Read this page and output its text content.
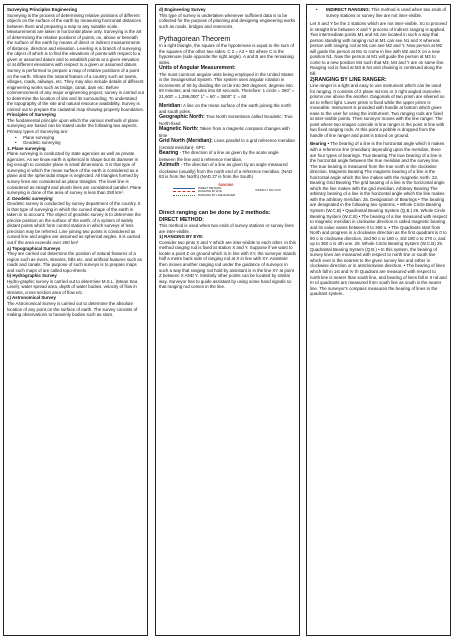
Surveying Principles Engineering

Surveying is the process of determining relative positions of different objects on the surface of the earth by measuring horizontal distances between them and preparing a map to any suitable scale. Measurements are taken in horizontal plane only. Surveying is the art of determining the relative positions of points, on, above or beneath the surface of the earth by means of direct or indirect measurements of distance, direction and elevation. Leveling is a branch of surveying the object of which is to find the elevations of points with respect to a given or assumed datum and to establish points at a given elevation or at different elevations with respect to a given or assumed datum. Survey is performed to prepare a map of relative positions of a point on the earth. Shows the natural feature of a country such as towns, villages, roads, railways, etc. They may also include details of different engineering works such as bridge, canal, dam etc. Before commencement of any major engineering project, survey is carried out to determine the location of site and its surrounding. To understand the topography of the site and natural resource availability. Survey is carried out to prepare the cadastral map showing property boundaries.

Principles of Surveying

The fundamental principle upon which the various methods of plane surveying are based can be stated under the following two aspects. Primary types of Surveying are:

• Plane surveying

• Geodetic surveying

1. Plane surveying

Plane surveying is conducted by state agencies as well as private agencies. As we know earth is spherical in shape but its diameter is big enough to consider plane in small dimensions. It is that type of surveying in which the mean surface of the earth is considered as a plane and the spheroidal shape is neglected. All triangles formed by survey lines are considered as plane triangles. The level line is considered as straight and plumb lines are considered parallel. Plane surveying is done of the area of survey is less than 250 km².

2. Geodetic surveying

Geodetic survey is conducted by survey department of the country. It is that type of surveying in which the curved shape of the earth is taken in to account. The object of geodetic survey is to determine the precise position on the surface of the earth, of a system of widely distant points which form control stations in which surveys of less precision may be referred. Line joining two points is considered as curved line and angles are assumed as spherical angles. It is carried out if the area exceeds over 250 km²

a) Topographical Surveys

They are carried out determine the position of natural features of a region such as rivers, streams, hills etc. and artificial features such as roads and canals. The purpose of such surveys is to prepare maps and such maps of are called topo-sheets.

b) Hydrographic Survey

Hydro-graphic survey is carried out to determine M.S.L. (Mean Sea Level), water spread area, depth of water bodies, velocity of flow in streams, cross-section area of flow etc.

c) Astronomical Survey

The Astronomical Survey is carried out to determine the absolute location of any point on the surface of earth. The survey consists of making observations to heavenly bodies such as stars.

d) Engineering Survey

This type of survey is undertaken whenever sufficient data is to be collected for the purpose of planning and designing engineering works such as roads, bridges and reservoirs.

Pythagorean Theorem

In a right triangle, the square of the hypotenuse is equal to the sum of the squares of the other two sides. C 2 = A2 + B2 where C is the hypotenuse (side opposite the right angle). A and B are the remaining sides.

Units of Angular Measurement:

The most common angular units being employed in the United States is the Sexagesimal System. This system uses angular rotation in increments of 60 by dividing the circle into 360 degrees; degrees into 60 minutes; and minutes into 60 seconds. Therefore: 1 circle = 360° = 21,600' = 1,296,000" 1° = 60' = 3600" 1' = 60

Meridian: A line on the mean surface of the earth joining the north and south poles.

Geographic North: True North Sometimes called Geodetic: True North-fixed

Magnetic North: Taken from a magnetic compass changes with time

Grid North (Meridian): Lines parallel to a grid reference meridian (central meridian)- SPC

Bearing - The direction of a line as given by the acute angle between the line and a reference meridian.

Azimuth - The direction of a line as given by an angle measured clockwise (usually) from the north end of a reference meridian. (NAD 83 is from the North) (NAD 27 is from the South)

RANGING
DIRECT METHOD
RANGING BY EYE
RANGING BY LINE RANGER
INDIRECT METHOD

Direct ranging can be done by 2 methods:

DIRECT METHOD:

This method is used when two ends of survey stations or survey lines are inter-visible.

1) RANGING BY EYE:

Consider two pints X and Y which are inter-visible to each other. In this method ranging rod is fixed at station X and Y. Suppose if we want to locate a point Z on ground which is in line with XY, the surveyor stands half a metre back side of ranging rod at X in line with XY. Assistant then moves another ranging rod under the guidance of surveyor in such a way that ranging rod hold by assistant is in the line XY at point Z between X AND Y. Similarly other points can be located by similar way. Surveyor has to guide assistant by using some hand signals so that ranging rod comes in the line.

• INDIRECT RANGING: This method is used when two ends of survey stations or survey line are not inter-visible.

Let X and Y be the 2 stations which are not inter-visible. So to proceed in straight line between X and Y process of indirect ranging is applied. Two intermediate points M1 and N1 are located in such a way that person standing with ranging rod at M1 can see N1 and X whereas person with ranging rod at M1 can see M2 and Y. Now person at M2 will guide the person at M1 to come in line with M2 and X on a new position N1. Now the person at M1 will guide the person at M2 to come to a new position M4 such that M3, M4 and Y are on same line. Ranging rod is fixed at M3 & N4 and chaining is continued along the hill.

2)RANGING BY LINE RANGER:

Line ranger is a light and easy to use instrument which can be used for ranging. It consists of 2 plane mirrors or 2 right angled isosceles prisms one above the another. Diagonals of two prism are silvered so as to reflect light. Lower prism is fixed while the upper prism is moveable. Instrument is provided with handle at bottom which gives ease to the user for using the instrument. Two ranging rods are fixed at inter-visible points. Then surveyor moves with the line ranger. The point where two images coincide in line ranger is the point in line with two fixed ranging rods. At this point a pebble is dropped from the handle of line ranger and point is traced on ground.

Bearing • The bearing of a line is the horizontal angle which it makes with a reference line (meridian) depending upon the meridian, there are four types of bearings. True Bearing The true bearing of a line is the horizontal angle between the true meridian and the survey line. The true bearing is measured from the true north in the clockwise direction. Magnetic Bearing The magnetic bearing of a line is the horizontal angle which the line makes with the magnetic north. 22. Bearing Grid Bearing The grid bearing of a line is the horizontal angle which the line makes with the grid meridian. Arbitrary Bearing The arbitrary bearing of a line is the horizontal angle which the line makes with the arbitrary meridian. 25. Designation of Bearings • The bearing are designated in the following two systems. • Whole Circle Bearing System (W.C.B) • Quadrantal Bearing System (Q.B.) 26. Whole Circle Bearing System (W.C.B) • The bearing of a line measured with respect to magnetic meridian in clockwise direction is called magnetic bearing and its value varies between 0 to 360 o. • The Quadrants start from North and progress in a clockwise direction as the first quadrant is 0 to 90 o in clockwise direction, 2nd 90 o to 180 o, 3rd 180 o to 270 o, and up to 360 o is 4th one. 28. Whole Circle Bearing System (W.C.B) 29. Quadrantal Bearing System (Q.B.) • In this system, the bearing of survey lines are measured with respect to north line or south line which ever is the nearest to the given survey line and either in clockwise direction or in anticlockwise direction. • The bearing of lines which fall in 1st and IV th Quadrant are measured with respect to north line is nearer than south line, and bearing of lines fall in II nd and III rd quadrants are measured from south line as south is the nearer line. The surveyor's compass measures the bearing of lines in the quadrant system.
